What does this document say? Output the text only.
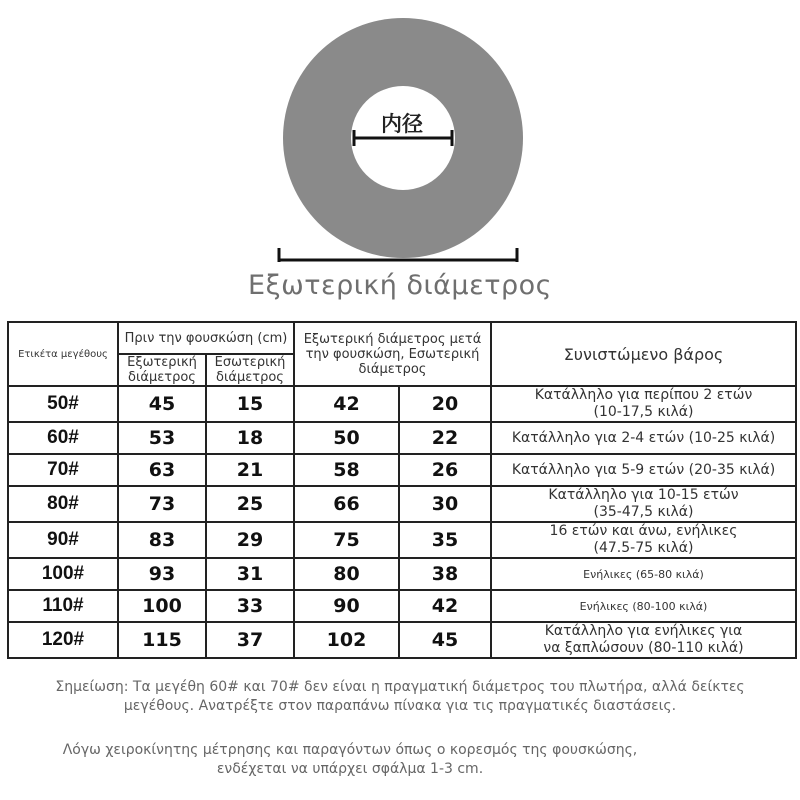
内径
Εξωτερική διάμετρος
Ετικέτα μεγέθους	Πριν την φουσκώση (cm)		Εξωτερική διάμετρος μετά την φουσκώση, Εσωτερική διάμετρος		Συνιστώμενο βάρος
	Εξωτερική διάμετρος	Εσωτερική διάμετρος			
50#	45	15	42	20	Κατάλληλο για περίπου 2 ετών
(10-17,5 κιλά)

60#	53	18	50	22	Κατάλληλο για 2-4 ετών (10-25 κιλά)

70#	63	21	58	26	Κατάλληλο για 5-9 ετών (20-35 κιλά)

80#	73	25	66	30	Κατάλληλο για 10-15 ετών
(35-47,5 κιλά)

90#	83	29	75	35	16 ετών και άνω, ενήλικες
(47.5-75 κιλά)

100#	93	31	80	38	Ενήλικες (65-80 κιλά)

110#	100	33	90	42	Ενήλικες (80-100 κιλά)

120#	115	37	102	45	Κατάλληλο για ενήλικες για
να ξαπλώσουν (80-110 κιλά)
Σημείωση: Τα μεγέθη 60# και 70# δεν είναι η πραγματική διάμετρος του πλωτήρα, αλλά δείκτες
μεγέθους. Ανατρέξτε στον παραπάνω πίνακα για τις πραγματικές διαστάσεις.
Λόγω χειροκίνητης μέτρησης και παραγόντων όπως ο κορεσμός της φουσκώσης,
ενδέχεται να υπάρχει σφάλμα 1-3 cm.
